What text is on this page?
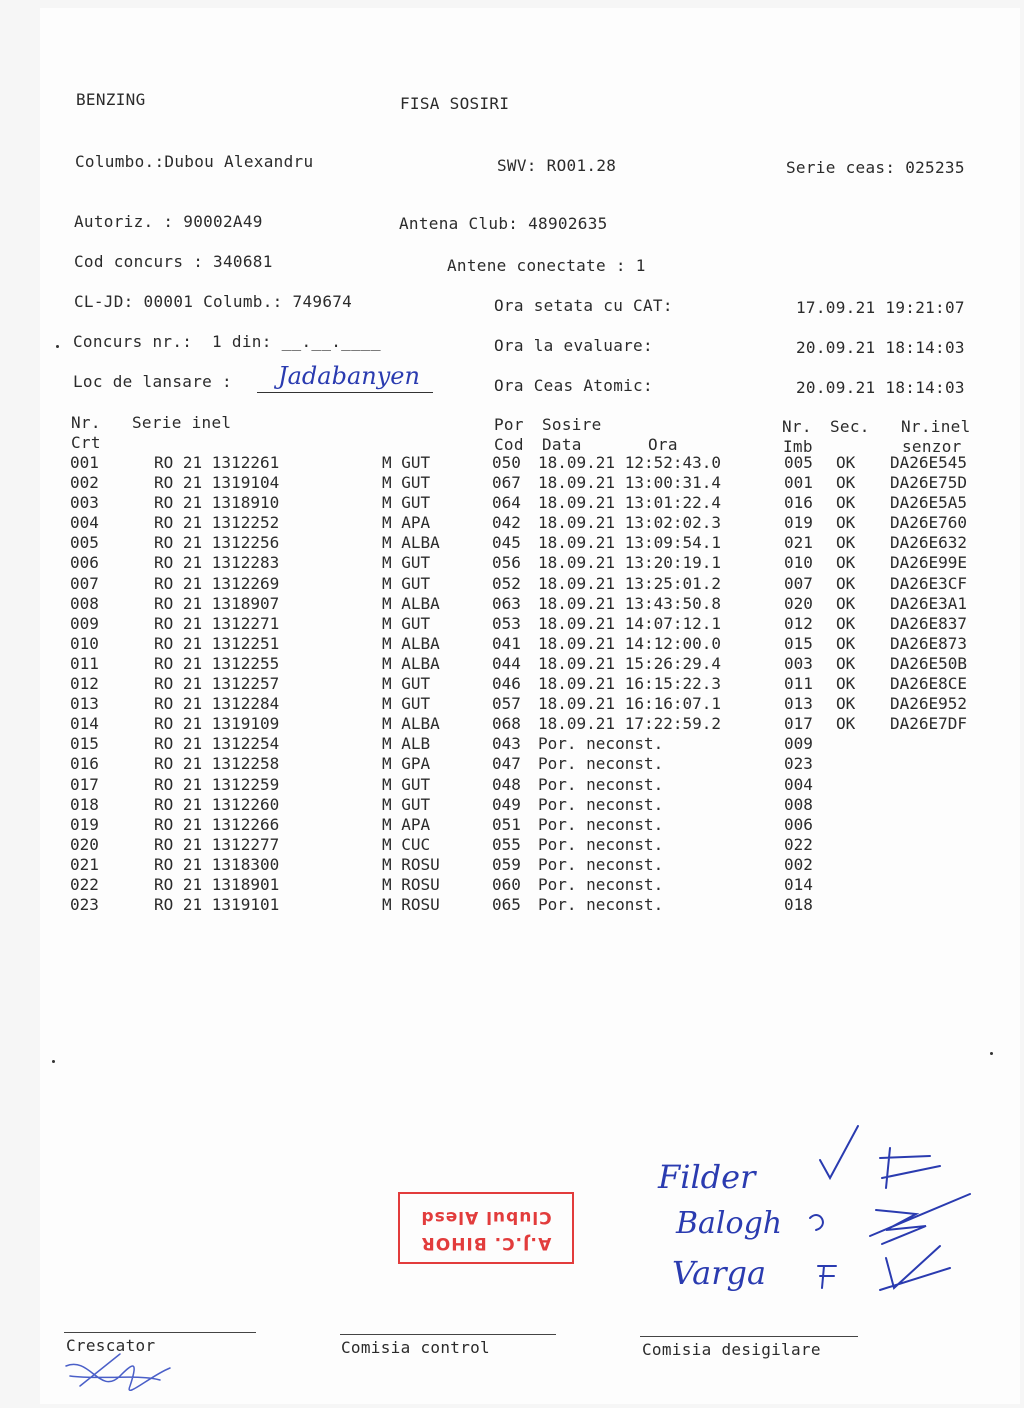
BENZING	FISA SOSIRI
Columbo.:Dubou Alexandru	SWV: RO01.28	Serie ceas: 025235
Autoriz. : 90002A49	Antena Club: 48902635
Cod concurs : 340681	Antene conectate : 1
CL-JD: 00001 Columb.: 749674	Ora setata cu CAT:	17.09.21 19:21:07
Concurs nr.:  1 din: __.__.____	Ora la evaluare:	20.09.21 18:14:03
Loc de lansare : Jadabanyen	Ora Ceas Atomic:	20.09.21 18:14:03
Nr. Serie inel	Por Sosire	Nr. Sec. Nr.inel
Crt	Cod Data	Ora	Imb	senzor
001	RO 21 1312261	M GUT	050	18.09.21 12:52:43.0	005	OK	DA26E545
002	RO 21 1319104	M GUT	067	18.09.21 13:00:31.4	001	OK	DA26E75D
003	RO 21 1318910	M GUT	064	18.09.21 13:01:22.4	016	OK	DA26E5A5
004	RO 21 1312252	M APA	042	18.09.21 13:02:02.3	019	OK	DA26E760
005	RO 21 1312256	M ALBA	045	18.09.21 13:09:54.1	021	OK	DA26E632
006	RO 21 1312283	M GUT	056	18.09.21 13:20:19.1	010	OK	DA26E99E
007	RO 21 1312269	M GUT	052	18.09.21 13:25:01.2	007	OK	DA26E3CF
008	RO 21 1318907	M ALBA	063	18.09.21 13:43:50.8	020	OK	DA26E3A1
009	RO 21 1312271	M GUT	053	18.09.21 14:07:12.1	012	OK	DA26E837
010	RO 21 1312251	M ALBA	041	18.09.21 14:12:00.0	015	OK	DA26E873
011	RO 21 1312255	M ALBA	044	18.09.21 15:26:29.4	003	OK	DA26E50B
012	RO 21 1312257	M GUT	046	18.09.21 16:15:22.3	011	OK	DA26E8CE
013	RO 21 1312284	M GUT	057	18.09.21 16:16:07.1	013	OK	DA26E952
014	RO 21 1319109	M ALBA	068	18.09.21 17:22:59.2	017	OK	DA26E7DF
015	RO 21 1312254	M ALB	043	Por. neconst.	009		
016	RO 21 1312258	M GPA	047	Por. neconst.	023		
017	RO 21 1312259	M GUT	048	Por. neconst.	004		
018	RO 21 1312260	M GUT	049	Por. neconst.	008		
019	RO 21 1312266	M APA	051	Por. neconst.	006		
020	RO 21 1312277	M CUC	055	Por. neconst.	022		
021	RO 21 1318300	M ROSU	059	Por. neconst.	002		
022	RO 21 1318901	M ROSU	060	Por. neconst.	014		
023	RO 21 1319101	M ROSU	065	Por. neconst.	018		
A.J.C. BIHOR
Clubul Alesd
Filder
Balogh
Varga
Crescator	Comisia control	Comisia desigilare
